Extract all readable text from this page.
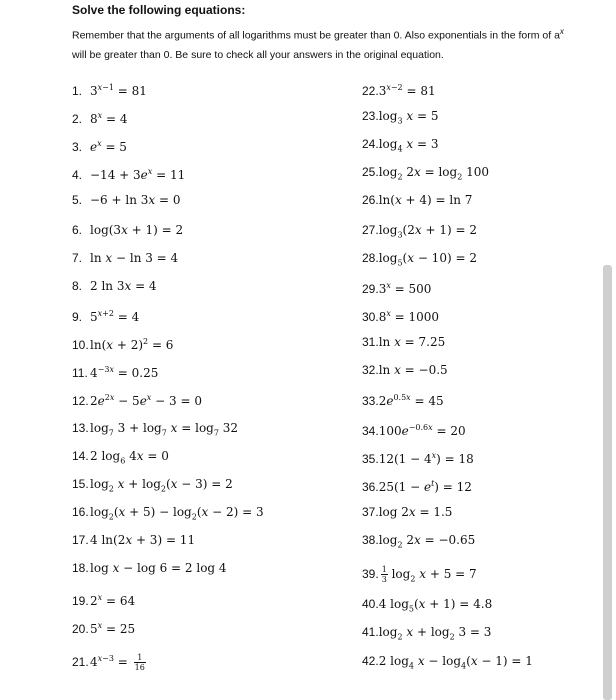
Solve the following equations:
Remember that the arguments of all logarithms must be greater than 0. Also exponentials in the form of $a^x$
will be greater than 0. Be sure to check all your answers in the original equation.
1. $3^{x-1} = 81$
2. $8^x = 4$
3. $e^x = 5$
4. $-14 + 3e^x = 11$
5. −6 + ln 3x = 0
6. log(3x + 1) = 2
7. ln x − ln 3 = 4
8. 2 ln 3x = 4
9. $5^{x+2} = 4$
$10.\ln(x + 2)^2 = 6$
11. $4^{-3x} = 0.25$
$12.2e^{2x} - 5e^x - 3 = 0$
$13.\log_7$ $3 + \log_7 x = \log_7 32$
14.2 $\log_6 4x = 0$
$15.\log_2$ $x + \log_2(x - 3) = 2$
$16.\log_2(x + 5) - \log_2(x - 2) = 3$
17.4 ln(2x + 3) = 11
18.log x − log 6 = 2 log 4
$19.2^x = 64$
$20.5^x = 25$
$21.4^{x-3} = \frac{1}{16}$
$22.3^{x-2} = 81$
$23.\log_3$ x = 5
$24.\log_4$ x = 3
$25.\log_2$ $2x = \log_2 100$
26.ln(x + 4) = ln 7
$27.\log_3(2x + 1) = 2$
$28.\log_5(x - 10) = 2$
$29.3^x = 500$
$30.8^x = 1000$
31.ln x = 7.25
32.ln x = −0.5
$33.2e^{0.5x} = 45$
$34.100e^{-0.6x} = 20$
$35.12(1 - 4^x) = 18$
$36.25(1 - e^t) = 12$
37.log 2x = 1.5
$38.\log_2$ 2x = −0.65
39. $\frac{1}{3} \log_2 x + 5 = 7$
40.4 $\log_5(x + 1) = 4.8$
$41.\log_2$ $x + \log_2 3 = 3$
42.2 $\log_4 x - \log_4(x - 1) = 1$
